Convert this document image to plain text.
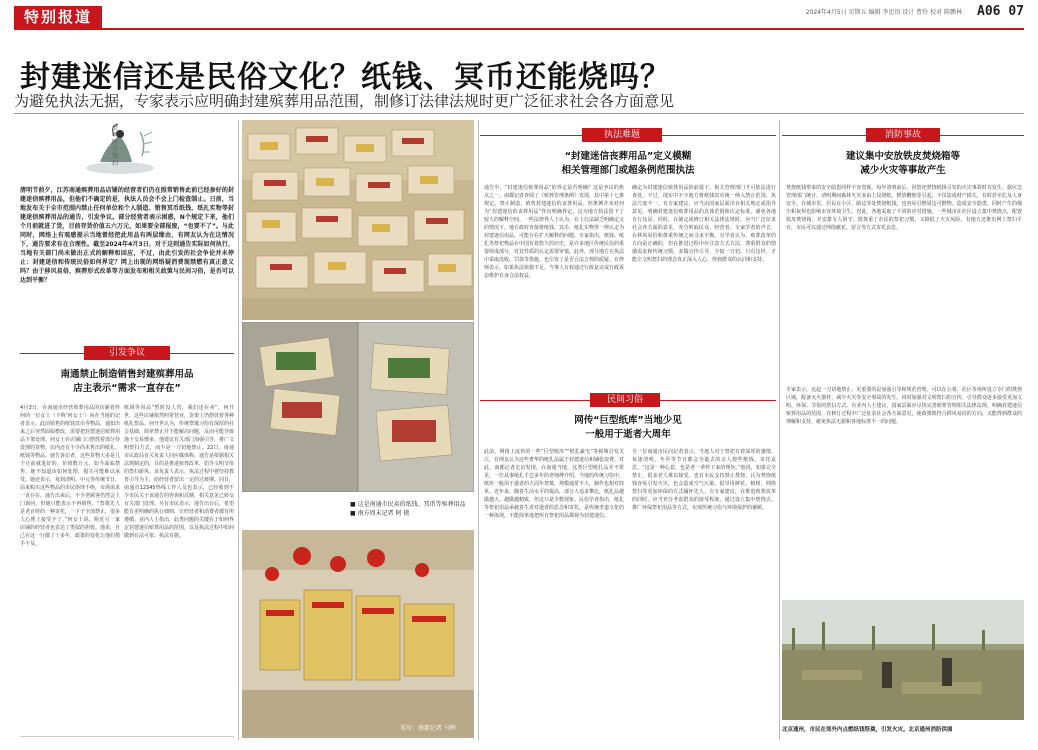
特别报道	2024年4月5日 星期五 编辑 李思语 设计 曹铃 校对 陈鹏林 A06 07
封建迷信还是民俗文化？纸钱、冥币还能烧吗？
为避免执法无据，专家表示应明确封建殡葬用品范围，制修订法律法规时更广泛征求社会各方面意见
清明时节 · 祭扫
清明节前夕，江苏南通殡葬用品店铺的经营者们仍在照常销售此前已经参好的封建迷信殡葬用品，但他们不确定的是，执法人员会不会上门检查制止。日前，当地发布关于全市范围内禁止任何单位和个人制造、销售冥币纸钱、纸扎实物等封建迷信殡葬用品的通告，引发争议。部分经营者表示困惑，N个规定下来，他们个月前就进了货，目前存货价值五六万元，如果要全部报废，“也要不了”。与此同时，网络上有观感提示当地曾经把此用品有两层缘由，有网友认为在这情况下，通告要求有在合理性。截至2024年4月3日，对于这则通告实际如何执行，当地有关部门尚未做出正式的解释和回应，不过，由此引发的社会争论并未停止：封建迷信和传统民俗如何界定？网上出现的网络疑消费现禁燃有真正意义吗？由于移风易俗、殡葬形式改革等方面发布和相关政策与民间习俗，是否可以达到平衡？
引发争议
南通禁止制造销售封建殡葬用品
店主表示“需求一直存在”
4月3日，在南通市经营殡葬用品的店铺者姓何的一位女士（下称‘何女士’）向在当地的记者表示，此前销售的纸钱冥币等物品，通知出来之后突然面临整改，需要把封建迷信殡葬用品下架处理。何女士在店铺门口摆放着部分待处理的货物，店内还有不少尚未售出的纸扎、纸钱等物品。她告诉记者，这些货物大多是几个月前就进好的，价值数万元。如今面临禁售，她不知道该如何处理，损失可能难以承受。她还表示，每到清明、中元等传统节日，前来购买这些物品的市民络绎不绝，市场需求一直存在。通告出来后，不少老顾客仍然会上门询问，但她只能表示不再销售。“祭奠先人是老百姓的一种寄托，一下子全部禁止，很多人心理上接受不了。”何女士说。附近另一家店铺的经营者也表达了类似的担忧。他说，自己在这一行做了十多年，政策的变化让他们措手不及。
纸钱等用品“暂时没人管，我们还在卖”，何开世，这些店铺依然照常营业，货架上仍摆放着各种纸扎祭品。何开世认为，传统祭奠习俗有深厚的社会基础，简单禁止并不能解决问题，反而可能导致地下交易增多。他建议有关部门加强引导，推广文明祭扫方式，而不是一刀切地禁止。22日，南通市民政局有关负责人回应媒体称，通告是依据相关法规制定的，目的是推进殡葬改革，倡导文明节俭的祭扫新风。该负责人表示，执法过程中将坚持教育引导为主，给经营者留出一定的过渡期。同日，南通市12345热线工作人员也表示，已经收到不少市民关于该通告的咨询和反映，相关意见已转交有关部门处理。另有市民表示，通告出台后，希望能有更明确的执行细则，让经营者和消费者都有所遵循。业内人士指出，此类问题的关键在于如何界定封建迷信殡葬用品的范围，以及执法过程中如何做到有法可依、执法有据。
■ 这是南通市民卖的纸钱、冥币等殡葬用品
■ 南方周末记者 阿 摄
采写：南都记者 马晖
执法难题
“封建迷信丧葬用品”定义模糊
相关管理部门或超条例范围执法
通告中，“封建迷信殡葬用品”的界定是否明确？这是争议的焦点之一。南都记者查阅了《殡葬管理条例》发现，其中第十七条规定，禁止制造、销售封建迷信的丧葬用品。但条例并未对何为“封建迷信的丧葬用品”作出明确界定，这为地方执法留下了较大的解释空间。一些法律界人士认为，在上位法缺乏明确定义的情况下，地方政府直接将纸钱、冥币、纸扎实物等一律认定为封建迷信用品，可能存在扩大解释的问题。专家指出，纸钱、纸扎等祭祀物品在中国有着悠久的历史，是许多地区传统民俗的重要组成部分，对其性质的认定需要审慎。此外，部分地方在执法中采取没收、罚款等措施，也引发了是否合法合规的质疑。有律师表示，如果执法依据不足，当事人有权通过行政复议或行政诉讼维护自身合法权益。
确定为封建迷信殡葬用品的前提下，相关管理部门才可依法进行查处。不过，现实中不少地方将纸钱冥币统一纳入禁止范围，执法尺度不一。有专家建议，应当由国家层面出台相关规定或指导意见，明确封建迷信殡葬用品的具体范围和认定标准，避免各地自行其是。同时，在制定或修订相关法律法规时，应当广泛征求社会各方面的意见，充分听取民众、经营者、专家学者的声音，在移风易俗和尊重传统之间寻求平衡。有学者认为，殡葬改革的方向是正确的，但在推进过程中应注意方式方法，尊重群众的情感需求和传统习惯，多做宣传引导，少搞一刀切。只有这样，才能让文明祭扫的理念真正深入人心，得到群众的认同和支持。
民间习俗
网传“巨型纸库”当地少见
一般用于逝者大周年
此前，网络上流传的一些“巨型纸库”“纸扎豪宅”等视频引发关注，有网友认为这些奢华的纸扎品属于封建迷信和铺张浪费。对此，南都记者走访发现，在南通当地，这类巨型纸扎品并不常见。一位从事纸扎手艺多年的老师傅介绍，当地的传统习俗中，纸库一般用于逝者的大周年祭奠，规模通常不大，制作也相对简单。近年来，随着生活水平的提高，部分人追求攀比，纸扎品越做越大、越做越精致，但这只是少数现象。民俗学者指出，纸扎等祭祀用品承载着生者对逝者的思念和寄托，是传统孝道文化的一种体现。不能简单地把所有祭祀用品都视为封建迷信。
另一位南通市民向记者表示，当地人对于祭祀有着深厚的感情，每逢清明、冬至等节日都会为逝去的亲人烧些纸钱，寄托哀思。“这是一种心意，也是老一辈传下来的规矩。”他说，如果完全禁止，很多老人难以接受。也有市民支持禁止焚烧，认为焚烧纸钱容易引发火灾，也会造成空气污染，倡导用鲜花、植树、网络祭扫等更加环保的方式缅怀先人。有专家建议，在推进殡葬改革的同时，应当充分考虑群众的接受程度，通过设立集中焚烧点、推广环保祭祀用品等方式，实现传统习俗与环境保护的兼顾。
消防事故
建议集中安放铁皮焚烧箱等
减少火灾等事故产生
焚烧纸钱带来的安全隐患同样不容忽视。每年清明前后，因祭祀焚烧纸钱引发的火灾事故时有发生。据应急管理部门统计，清明期间森林火灾多由上坟烧纸、燃放鞭炮等引起，不仅造成财产损失，有时甚至危及人身安全。在城市里，居民在小区、路边等处焚烧纸钱，也容易引燃周边可燃物，造成安全隐患，同时产生的烟尘和灰烬也影响市容环境卫生。对此，各地采取了不同的应对措施。一些城市在社区设立集中焚烧点，配置铁皮焚烧箱，并安排专人值守，既尊重了市民的祭祀习惯，又降低了火灾风险。有地方还推出网上祭扫平台，市民可以通过网络献花、留言等方式寄托哀思。
专家表示，比起一刀切地禁止，更重要的是加强引导和规范管理。可以在公墓、社区等场所设立专门的焚烧区域，配备灭火器材，减少火灾等安全事故的发生。同时加强对文明祭扫的宣传，引导群众逐步接受更加文明、环保、节俭的祭扫方式。有业内人士建议，国家层面应尽快完善殡葬管理相关法律法规，明确封建迷信殡葬用品的范围，在修订过程中广泛征求社会各方面意见，使政策既符合移风易俗的方向，又能得到群众的理解和支持，避免执法无据和各地标准不一的问题。
北京通州，市民在郊外内点燃纸钱祭奠，引发火灾。北京通州消防供图
